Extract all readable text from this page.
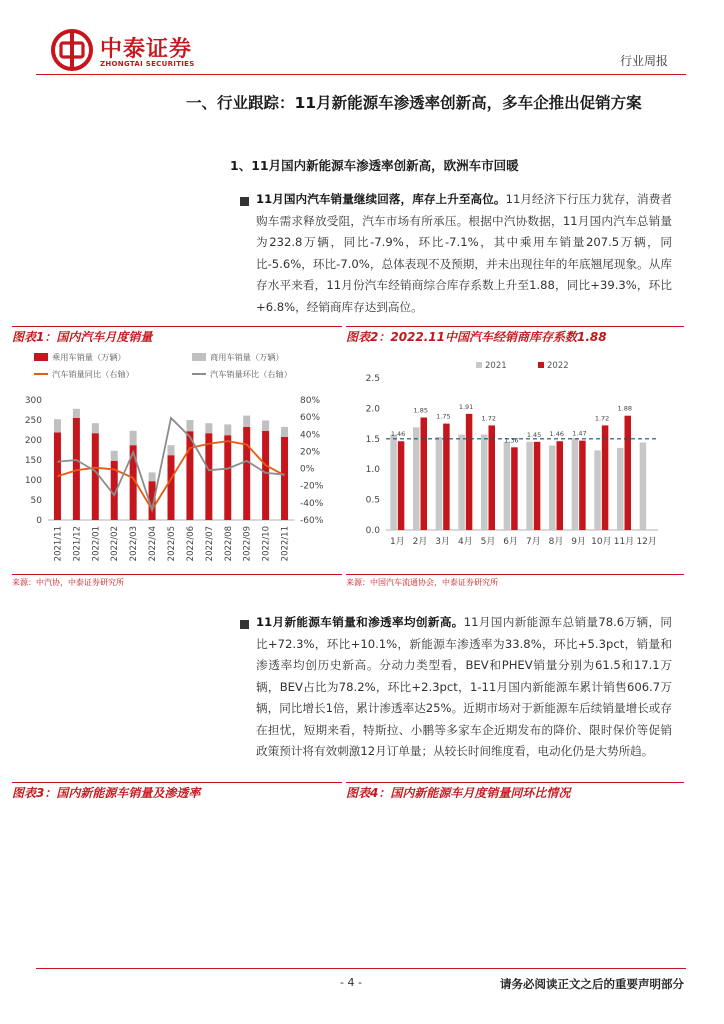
中泰证券
ZHONGTAI SECURITIES	行业周报
一、行业跟踪：11月新能源车渗透率创新高，多车企推出促销方案
1、11月国内新能源车渗透率创新高，欧洲车市回暖
11月国内汽车销量继续回落，库存上升至高位。11月经济下行压力犹存，消费者购车需求释放受阻，汽车市场有所承压。根据中汽协数据，11月国内汽车总销量为232.8万辆，同比-7.9%，环比-7.1%，其中乘用车销量207.5万辆，同比-5.6%，环比-7.0%，总体表现不及预期，并未出现往年的年底翘尾现象。从库存水平来看，11月份汽车经销商综合库存系数上升至1.88，同比+39.3%，环比+6.8%，经销商库存达到高位。
图表1：国内汽车月度销量
乘用车销量（万辆）	商用车销量（万辆）
汽车销量同比（右轴）	汽车销量环比（右轴）
0
50
100
150
200
250
300	80%
60%
40%
20%
0%
-20%
-40%
-60%
2021/11 2021/12 2022/01 2022/02 2022/03 2022/04 2022/05 2022/06 2022/07 2022/08 2022/09 2022/10 2022/11
来源：中汽协，中泰证券研究所
图表2：2022.11中国汽车经销商库存系数1.88
2021	2022
0.0
0.5
1.0
1.5
2.0
2.5
1.46
1月
1.85
2月
1.75
3月
1.91
4月
1.72
5月
1.36
6月
1.45
7月
1.46
8月
1.47
9月
1.72
10月
1.88
11月 12月
来源：中国汽车流通协会，中泰证券研究所
11月新能源车销量和渗透率均创新高。11月国内新能源车总销量78.6万辆，同比+72.3%，环比+10.1%，新能源车渗透率为33.8%，环比+5.3pct，销量和渗透率均创历史新高。分动力类型看，BEV和PHEV销量分别为61.5和17.1万辆，BEV占比为78.2%，环比+2.3pct，1-11月国内新能源车累计销售606.7万辆，同比增长1倍，累计渗透率达25%。近期市场对于新能源车后续销量增长或存在担忧，短期来看，特斯拉、小鹏等多家车企近期发布的降价、限时保价等促销政策预计将有效刺激12月订单量；从较长时间维度看，电动化仍是大势所趋。
图表3：国内新能源车销量及渗透率	图表4：国内新能源车月度销量同环比情况
- 4 -	请务必阅读正文之后的重要声明部分
